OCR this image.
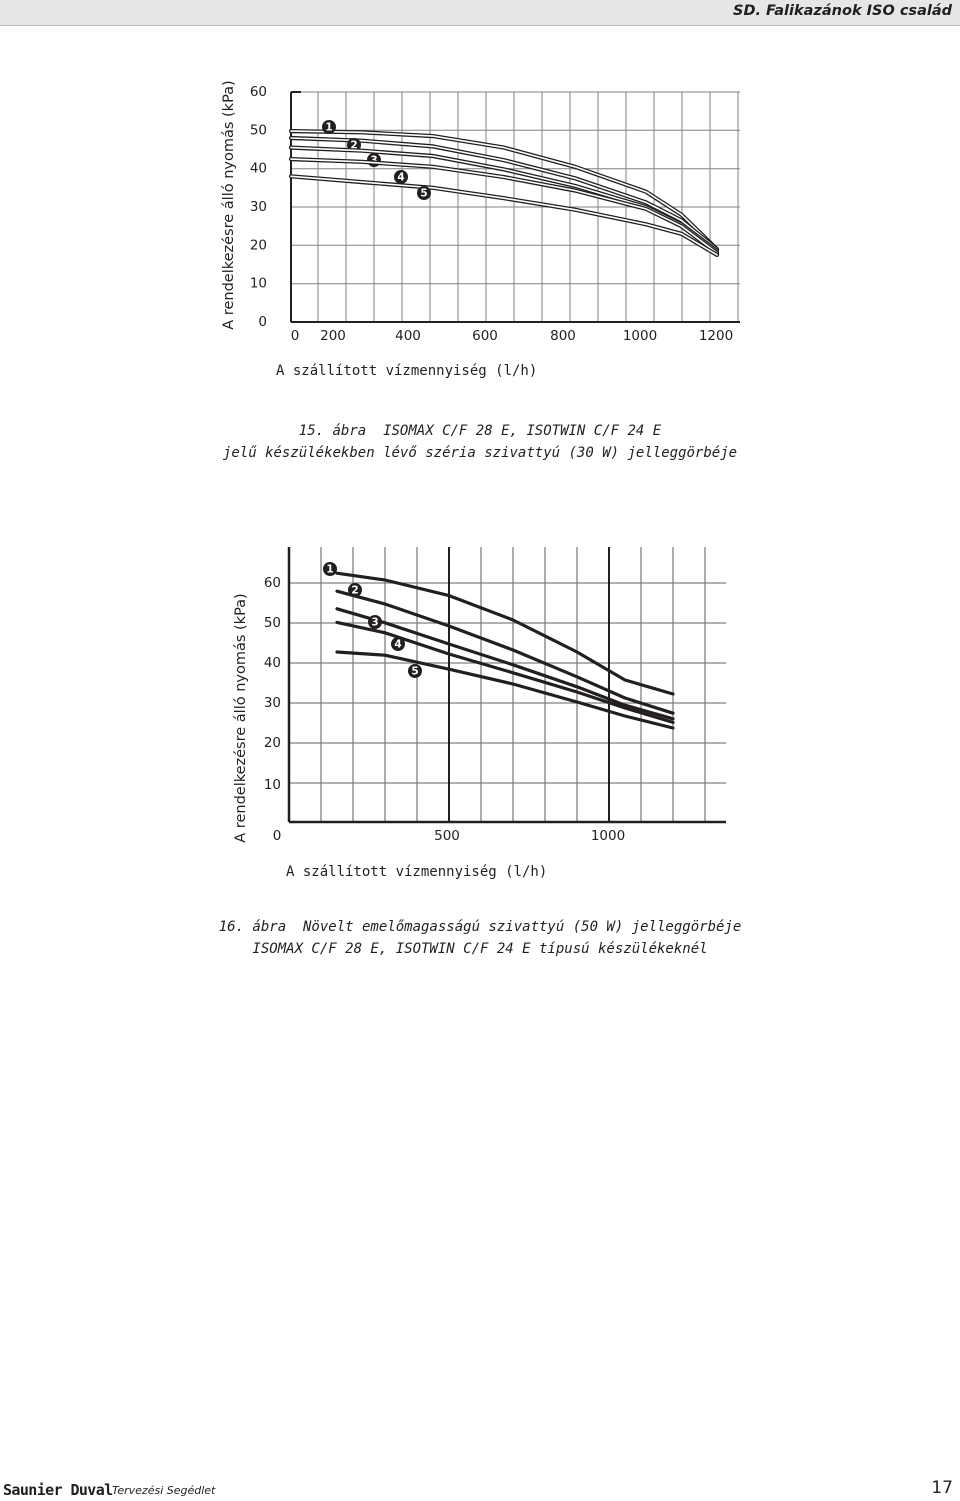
SD. Falikazánok ISO család
60
50
40
30
20
10
0
0 200	400	600	800	1000	1200
A rendelkezésre álló nyomás (kPa)
A szállított vízmennyiség (l/h)
1
2
3
4
5
60
50
40
30
20
10
0	500	1000
A rendelkezésre álló nyomás (kPa)
A szállított vízmennyiség (l/h)
1
2
3
4
5
15. ábra  ISOMAX C/F 28 E, ISOTWIN C/F 24 E
jelű készülékekben lévő széria szivattyú (30 W) jelleggörbéje
16. ábra  Növelt emelőmagasságú szivattyú (50 W) jelleggörbéje
ISOMAX C/F 28 E, ISOTWIN C/F 24 E típusú készülékeknél
Saunier Duval Tervezési Segédlet	17
